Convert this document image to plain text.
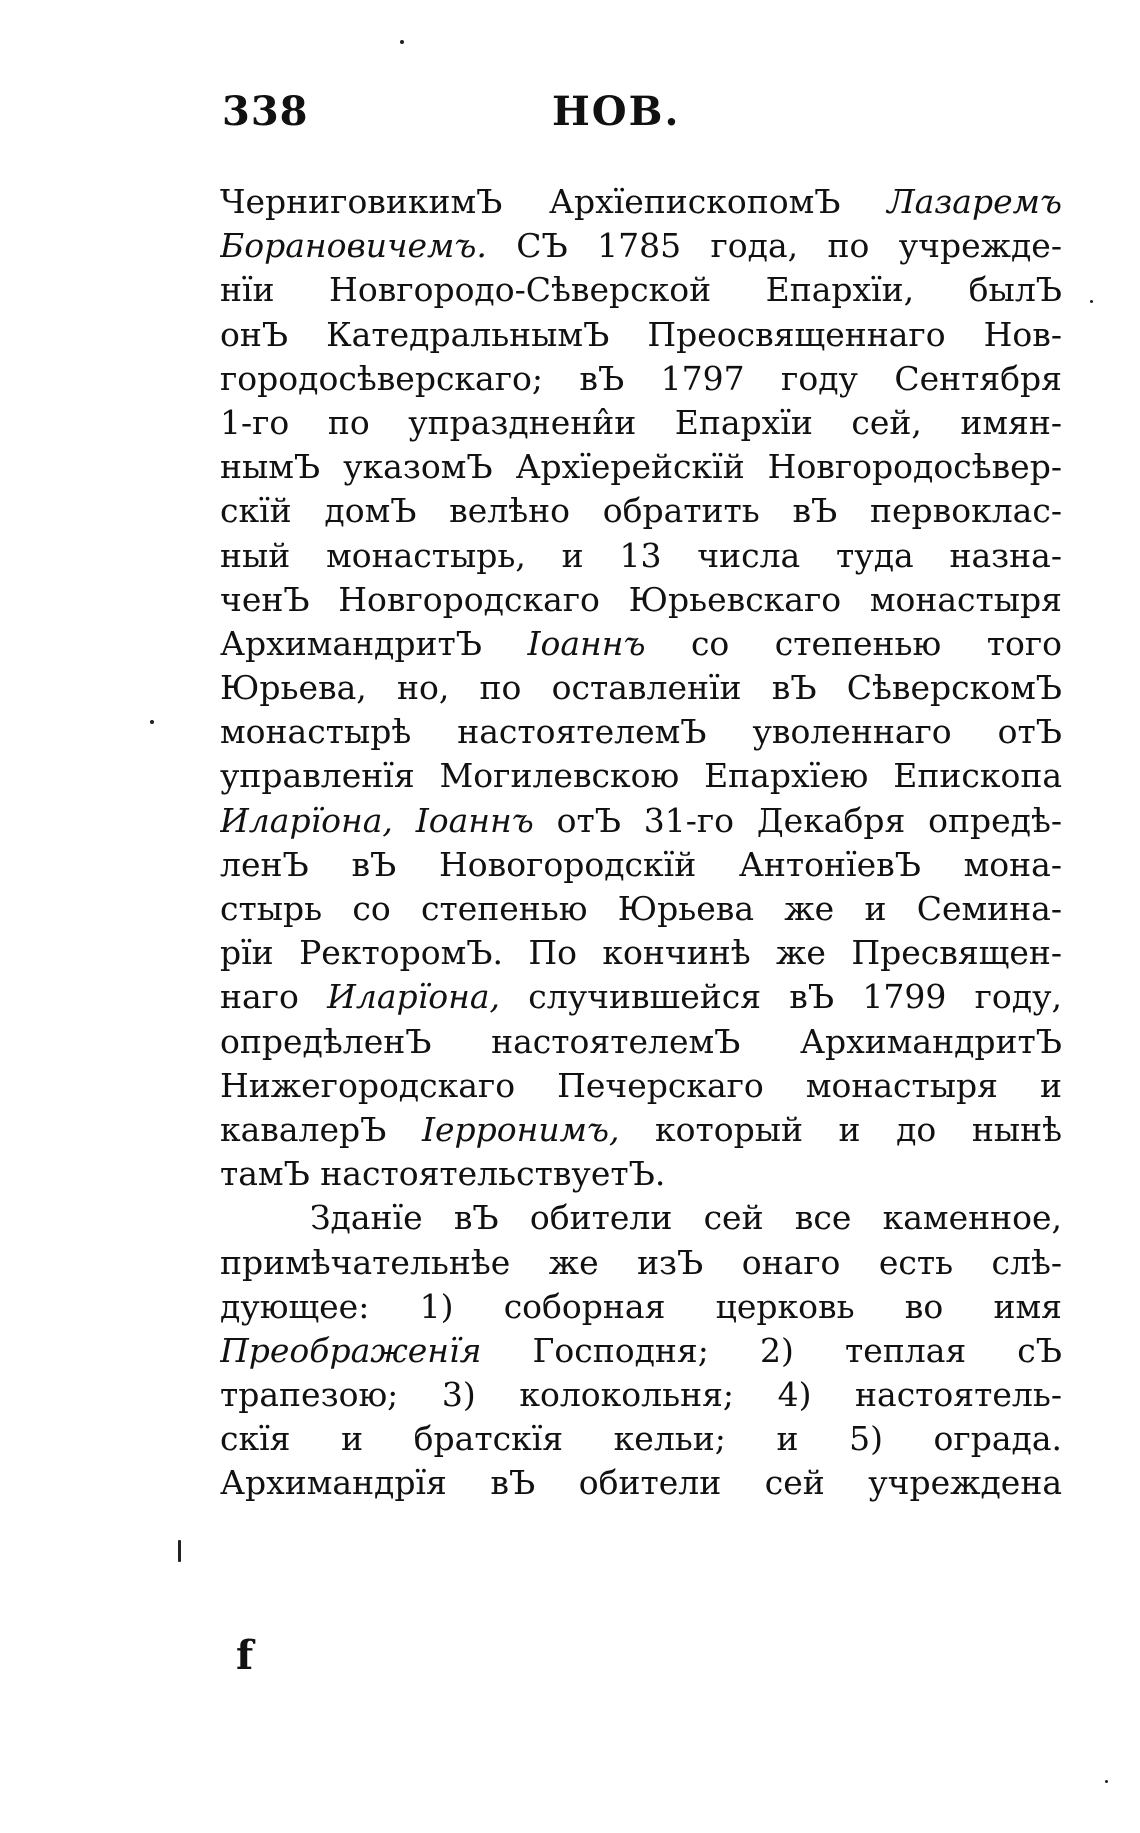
338	НОВ.
ЧерниговикимЪ АрхïепископомЪ Лазаремъ
Борановичемъ. СЪ 1785 года, по учрежде-
нïи Новгородо-Сѣверской Епархïи, былЪ
онЪ КатедральнымЪ Преосвященнаго Нов-
городосѣверскаго; вЪ 1797 году Сентября
1-го по упразднени̂и Епархïи сей, имян-
нымЪ указомЪ Архïерейскïй Новгородосѣвер-
скïй домЪ велѣно обратить вЪ первоклас-
ный монастырь, и 13 числа туда назна-
ченЪ Новгородскаго Юрьевскаго монастыря
АрхимандритЪ Іоаннъ со степенью того
Юрьева, но, по оставленïи вЪ СѣверскомЪ
монастырѣ настоятелемЪ уволеннаго отЪ
управленïя Могилевскою Епархïею Епископа
Иларïона, Іоаннъ отЪ 31-го Декабря опредѣ-
ленЪ вЪ Новогородскïй АнтонïевЪ мона-
стырь со степенью Юрьева же и Семина-
рïи РекторомЪ. По кончинѣ же Пресвящен-
наго Иларïона, случившейся вЪ 1799 году,
опредѣленЪ настоятелемЪ АрхимандритЪ
Нижегородскаго Печерскаго монастыря и
кавалерЪ Іерронимъ, который и до нынѣ
тамЪ настоятельствуетЪ.
Зданïе вЪ обители сей все каменное,
примѣчательнѣе же изЪ онаго есть слѣ-
дующее: 1) соборная церковь во имя
Преображенïя Господня; 2) теплая сЪ
трапезою; 3) колокольня; 4) настоятель-
скïя и братскïя кельи; и 5) ограда.
Архимандрïя вЪ обители сей учреждена
f
